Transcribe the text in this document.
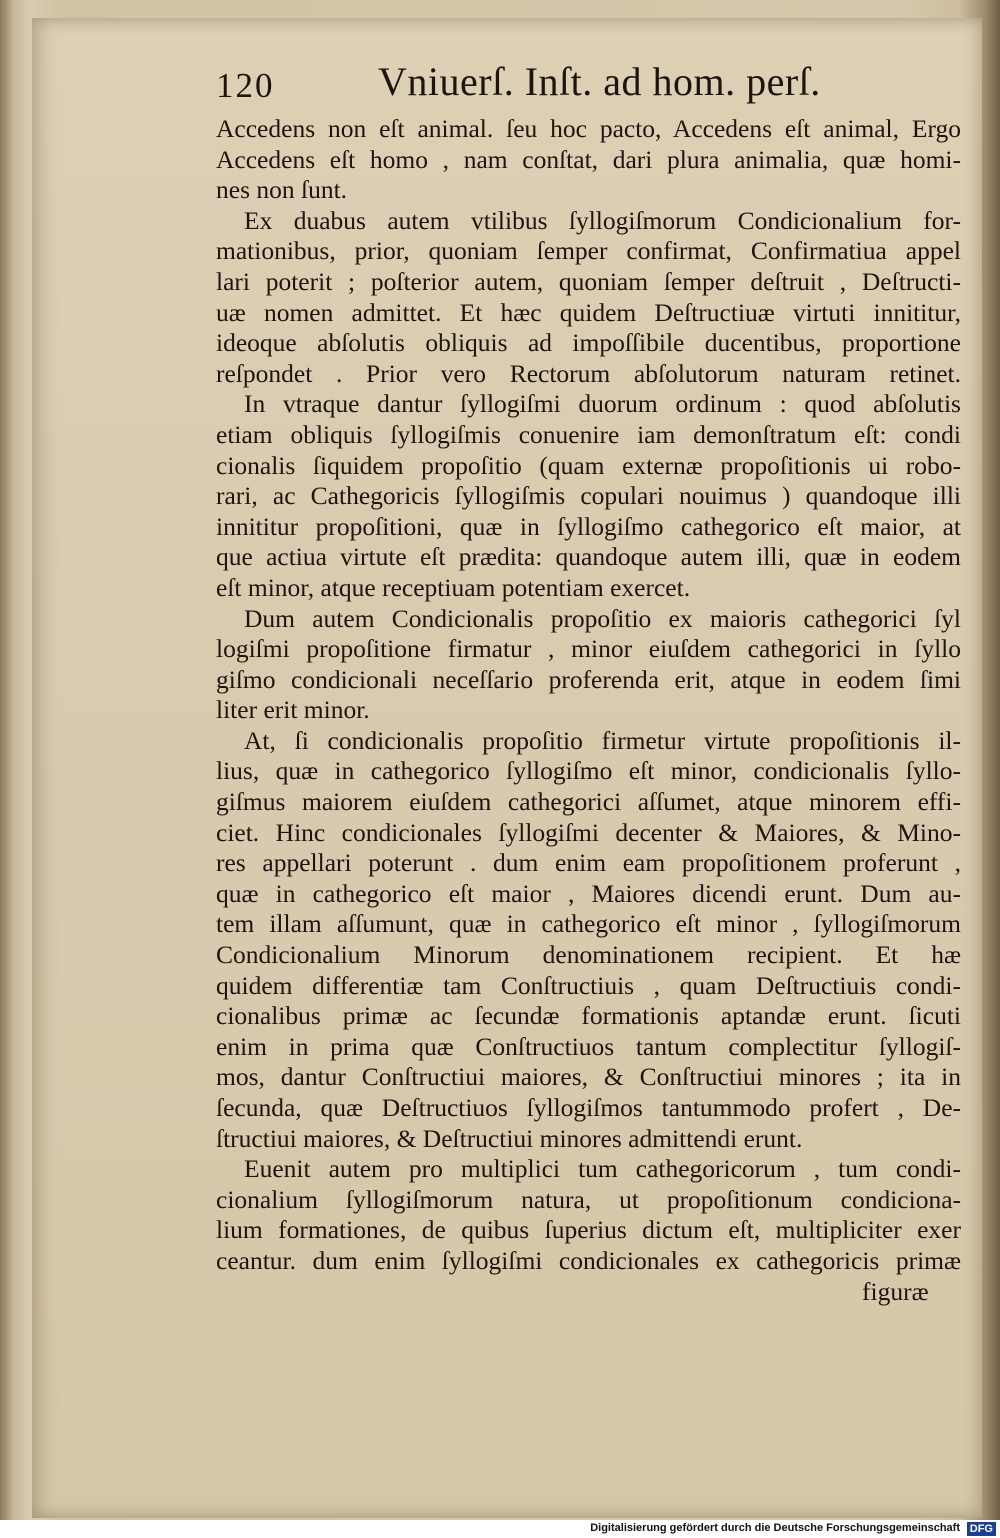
120	Vniuerſ. Inſt. ad hom. perſ.
Accedens non eſt animal. ſeu hoc pacto, Accedens eſt animal, Ergo
Accedens eſt homo , nam conſtat, dari plura animalia, quæ homi-
nes non ſunt.
Ex duabus autem vtilibus ſyllogiſmorum Condicionalium for-
mationibus, prior, quoniam ſemper confirmat, Confirmatiua appel
lari poterit ; poſterior autem, quoniam ſemper deſtruit , Deſtructi-
uæ nomen admittet. Et hæc quidem Deſtructiuæ virtuti innititur,
ideoque abſolutis obliquis ad impoſſibile ducentibus, proportione
reſpondet . Prior vero Rectorum abſolutorum naturam retinet.
In vtraque dantur ſyllogiſmi duorum ordinum : quod abſolutis
etiam obliquis ſyllogiſmis conuenire iam demonſtratum eſt: condi
cionalis ſiquidem propoſitio (quam externæ propoſitionis ui robo-
rari, ac Cathegoricis ſyllogiſmis copulari nouimus ) quandoque illi
innititur propoſitioni, quæ in ſyllogiſmo cathegorico eſt maior, at
que actiua virtute eſt prædita: quandoque autem illi, quæ in eodem
eſt minor, atque receptiuam potentiam exercet.
Dum autem Condicionalis propoſitio ex maioris cathegorici ſyl
logiſmi propoſitione firmatur , minor eiuſdem cathegorici in ſyllo
giſmo condicionali neceſſario proferenda erit, atque in eodem ſimi
liter erit minor.
At, ſi condicionalis propoſitio firmetur virtute propoſitionis il-
lius, quæ in cathegorico ſyllogiſmo eſt minor, condicionalis ſyllo-
giſmus maiorem eiuſdem cathegorici aſſumet, atque minorem effi-
ciet. Hinc condicionales ſyllogiſmi decenter & Maiores, & Mino-
res appellari poterunt . dum enim eam propoſitionem proferunt ,
quæ in cathegorico eſt maior , Maiores dicendi erunt. Dum au-
tem illam aſſumunt, quæ in cathegorico eſt minor , ſyllogiſmorum
Condicionalium Minorum denominationem recipient. Et hæ
quidem differentiæ tam Conſtructiuis , quam Deſtructiuis condi-
cionalibus primæ ac ſecundæ formationis aptandæ erunt. ſicuti
enim in prima quæ Conſtructiuos tantum complectitur ſyllogiſ-
mos, dantur Conſtructiui maiores, & Conſtructiui minores ; ita in
ſecunda, quæ Deſtructiuos ſyllogiſmos tantummodo profert , De-
ſtructiui maiores, & Deſtructiui minores admittendi erunt.
Euenit autem pro multiplici tum cathegoricorum , tum condi-
cionalium ſyllogiſmorum natura, ut propoſitionum condiciona-
lium formationes, de quibus ſuperius dictum eſt, multipliciter exer
ceantur. dum enim ſyllogiſmi condicionales ex cathegoricis primæ
figuræ
Digitalisierung gefördert durch die Deutsche Forschungsgemeinschaft DFG
